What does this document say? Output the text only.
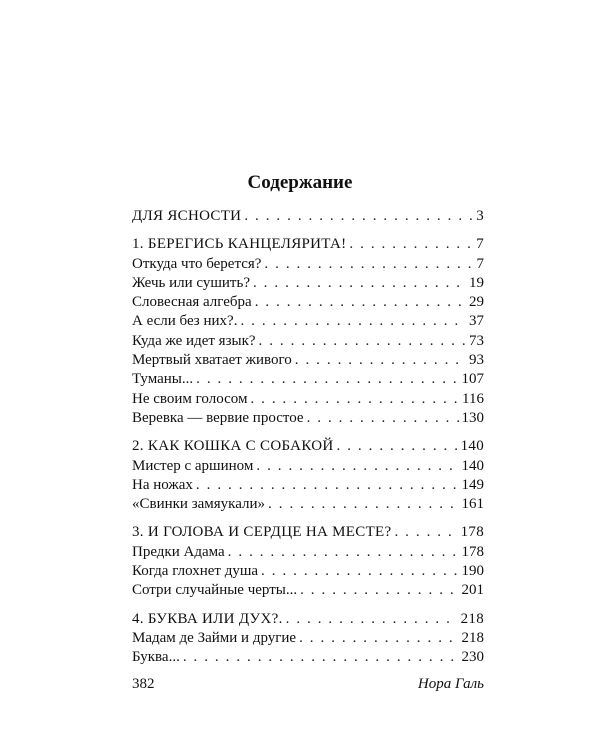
Содержание
ДЛЯ ЯСНОСТИ . . .	3
1. БЕРЕГИСЬ КАНЦЕЛЯРИТА! . . .	7
Откуда что берется? . . .	7
Жечь или сушить? . . .	19
Словесная алгебра . . .	29
А если без них?. . . .	37
Куда же идет язык? . . .	73
Мертвый хватает живого . . .	93
Туманы... . . .	107
Не своим голосом . . .	116
Веревка — вервие простое . . .	130
2. КАК КОШКА С СОБАКОЙ . . .	140
Мистер с аршином . . .	140
На ножах . . .	149
«Свинки замяукали» . . .	161
3. И ГОЛОВА И СЕРДЦЕ НА МЕСТЕ? . . .	178
Предки Адама . . .	178
Когда глохнет душа . . .	190
Сотри случайные черты... . . .	201
4. БУКВА ИЛИ ДУХ?. . . .	218
Мадам де Займи и другие . . .	218
Буква... . . .	230
382	Нора Галь
